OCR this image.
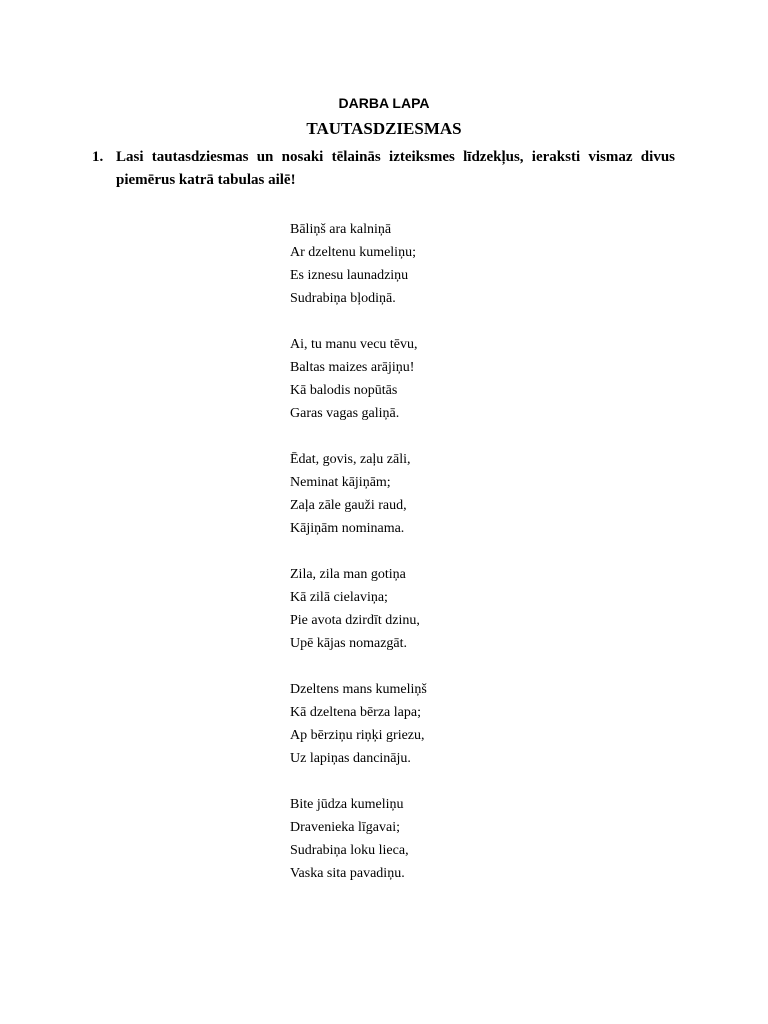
DARBA LAPA
TAUTASDZIESMAS
1. Lasi tautasdziesmas un nosaki tēlainās izteiksmes līdzekļus, ieraksti vismaz divus piemērus katrā tabulas ailē!
Bāliņš ara kalniņā
Ar dzeltenu kumeliņu;
Es iznesu launadziņu
Sudrabiņa bļodiņā.
Ai, tu manu vecu tēvu,
Baltas maizes arājiņu!
Kā balodis nopūtās
Garas vagas galiņā.
Ēdat, govis, zaļu zāli,
Neminat kājiņām;
Zaļa zāle gauži raud,
Kājiņām nominama.
Zila, zila man gotiņa
Kā zilā cielaviņa;
Pie avota dzirdīt dzinu,
Upē kājas nomazgāt.
Dzeltens mans kumeliņš
Kā dzeltena bērza lapa;
Ap bērziņu riņķi griezu,
Uz lapiņas dancināju.
Bite jūdza kumeliņu
Dravenieka līgavai;
Sudrabiņa loku lieca,
Vaska sita pavadiņu.
